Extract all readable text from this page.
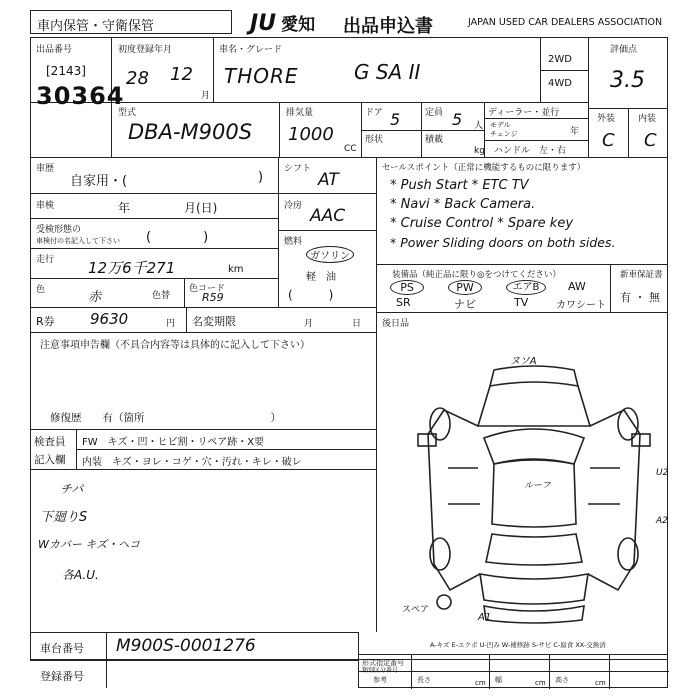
車内保管・守衛保管	JU 愛知 出品申込書	JAPAN USED CAR DEALERS ASSOCIATION
出品番号
[2143]
30364
初度登録年月
28 12
月
車名・グレード
THORE	G SA II
2WD
4WD
評価点
3.5
外装	内装
C C
型式
DBA-M900S
排気量
1000
CC
ドア 5	定員 5 人
形状	積載
kg
ディーラー・並行
モデル
チェンジ	年
ハンドル　左・右
車歴
自家用・(	)
車検	年	月(日)
受検形態の
車検付の名記入して下さい (　　　　)
走行 12万6千271	km
色	赤	色替
色コード
R59
シフト
AT
冷房 AAC
燃料
ガソリン
軽　油
(　　　)
セールスポイント（正常に機能するものに限ります）
* Push Start * ETC TV
* Navi * Back Camera.
* Cruise Control * Spare key
* Power Sliding doors on both sides.
装備品（純正品に限り◎をつけてください）
PS	PW	エアB	AW
SR	ナビ	TV	カワシート
新車保証書
有 ・ 無
R券 9630	円 名変期限	月	日 後日品
注意事項申告欄（不具合内容等は具体的に記入して下さい）
修復歴　　有（箇所　　　　　　　　　　　　）
検査員
記入欄
FW　キズ・凹・ヒビ割・リペア跡・X要
内装　キズ・ヨレ・コゲ・穴・汚れ・キレ・破レ
チパ
下廻りS
Wカバー キズ・ヘコ
各A.U.
ヌソA
ルーフ
U2
A2
A1
スペア
A-キズ E-エクボ U-凹み W-補修跡 S-サビ C-腐食 XX-交換済
車台番号 M900S-0001276
登録番号
形式指定番号
類別区分番号
参考	長さ	cm 幅	cm 高さ	cm
